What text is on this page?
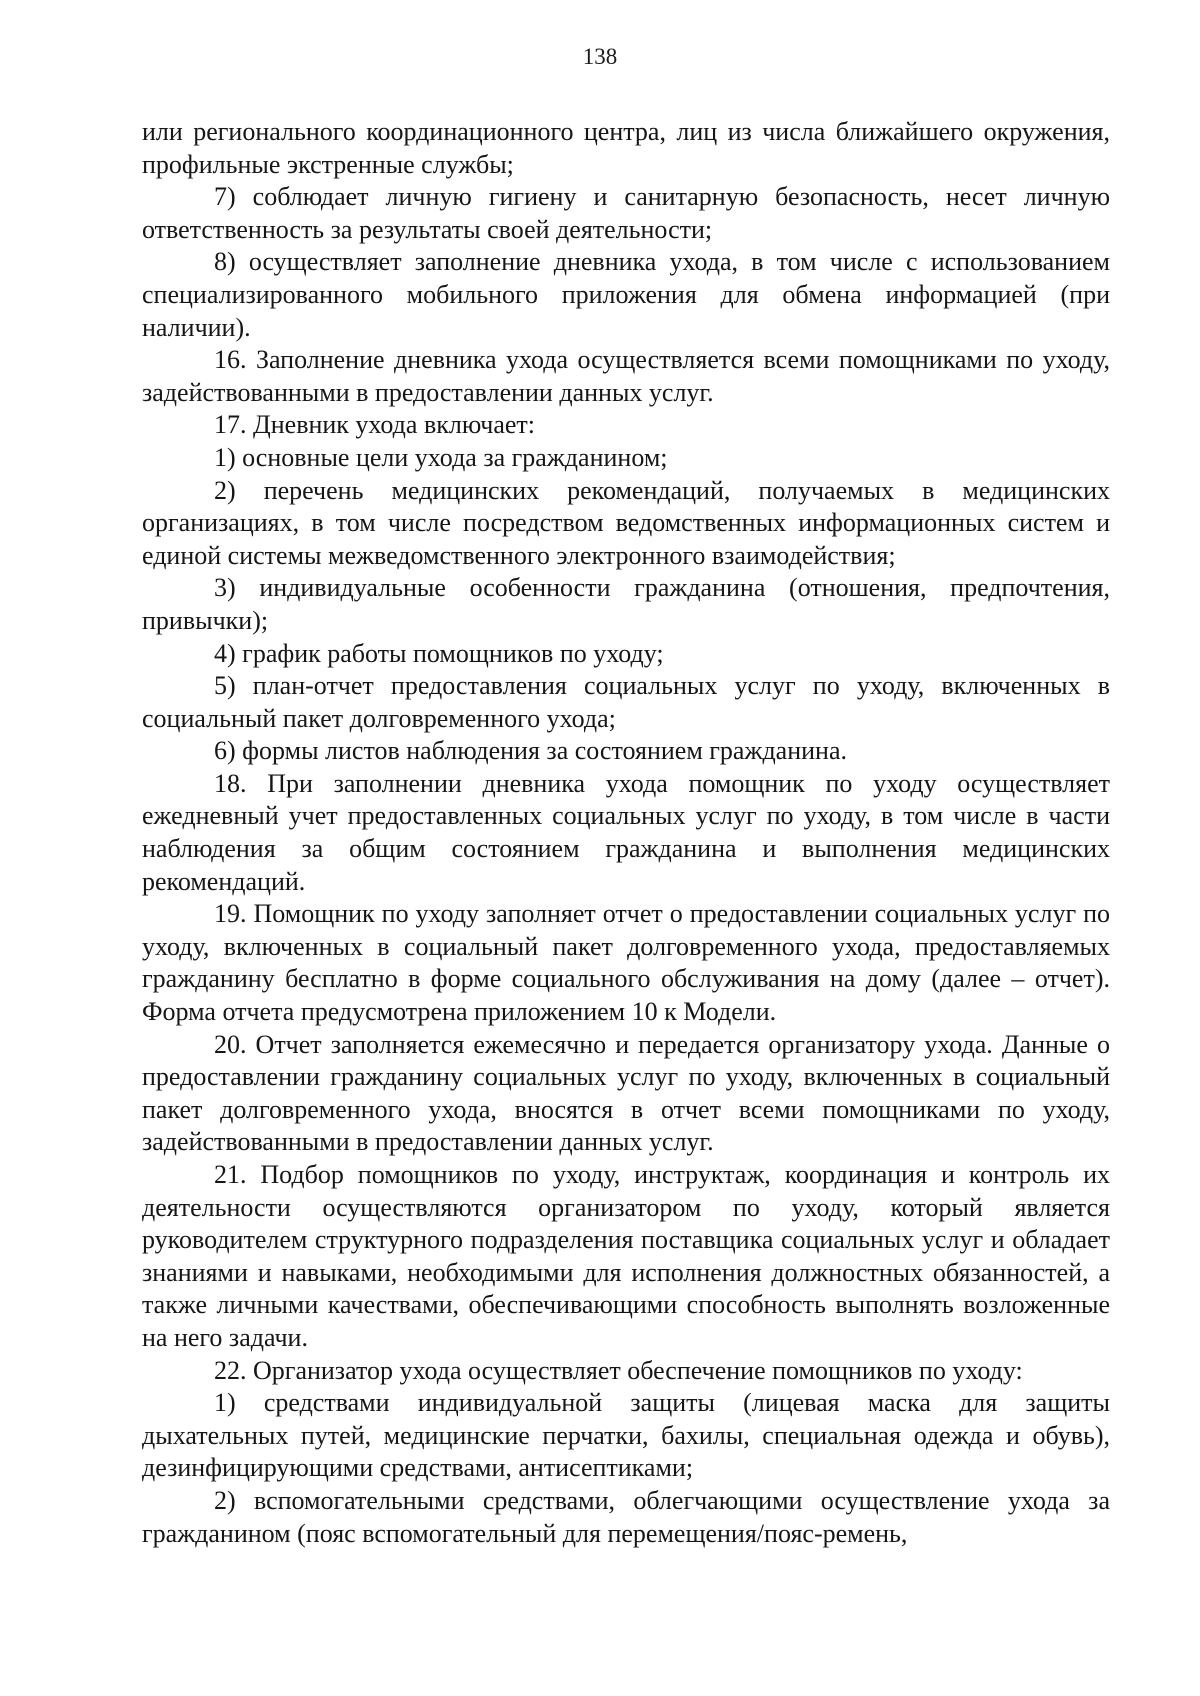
138

или регионального координационного центра, лиц из числа ближайшего окружения, профильные экстренные службы;

7) соблюдает личную гигиену и санитарную безопасность, несет личную ответственность за результаты своей деятельности;

8) осуществляет заполнение дневника ухода, в том числе с использованием специализированного мобильного приложения для обмена информацией (при наличии).

16. Заполнение дневника ухода осуществляется всеми помощниками по уходу, задействованными в предоставлении данных услуг.

17. Дневник ухода включает:

1) основные цели ухода за гражданином;

2) перечень медицинских рекомендаций, получаемых в медицинских организациях, в том числе посредством ведомственных информационных систем и единой системы межведомственного электронного взаимодействия;

3) индивидуальные особенности гражданина (отношения, предпочтения, привычки);

4) график работы помощников по уходу;

5) план-отчет предоставления социальных услуг по уходу, включенных в социальный пакет долговременного ухода;

6) формы листов наблюдения за состоянием гражданина.

18. При заполнении дневника ухода помощник по уходу осуществляет ежедневный учет предоставленных социальных услуг по уходу, в том числе в части наблюдения за общим состоянием гражданина и выполнения медицинских рекомендаций.

19. Помощник по уходу заполняет отчет о предоставлении социальных услуг по уходу, включенных в социальный пакет долговременного ухода, предоставляемых гражданину бесплатно в форме социального обслуживания на дому (далее – отчет). Форма отчета предусмотрена приложением 10 к Модели.

20. Отчет заполняется ежемесячно и передается организатору ухода. Данные о предоставлении гражданину социальных услуг по уходу, включенных в социальный пакет долговременного ухода, вносятся в отчет всеми помощниками по уходу, задействованными в предоставлении данных услуг.

21. Подбор помощников по уходу, инструктаж, координация и контроль их деятельности осуществляются организатором по уходу, который является руководителем структурного подразделения поставщика социальных услуг и обладает знаниями и навыками, необходимыми для исполнения должностных обязанностей, а также личными качествами, обеспечивающими способность выполнять возложенные на него задачи.

22. Организатор ухода осуществляет обеспечение помощников по уходу:

1) средствами индивидуальной защиты (лицевая маска для защиты дыхательных путей, медицинские перчатки, бахилы, специальная одежда и обувь), дезинфицирующими средствами, антисептиками;

2) вспомогательными средствами, облегчающими осуществление ухода за гражданином (пояс вспомогательный для перемещения/пояс-ремень,
